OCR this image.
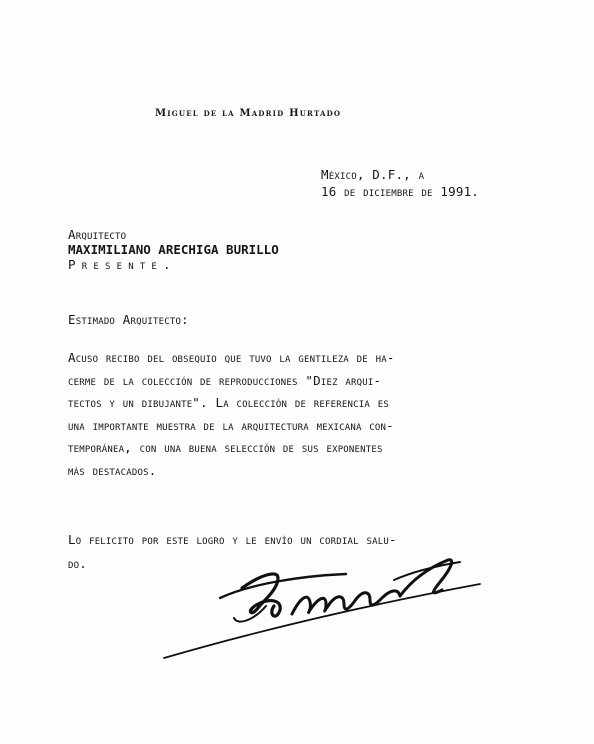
Miguel de la Madrid Hurtado
México, D.F., a
16 de diciembre de 1991.
Arquitecto
MAXIMILIANO ARECHIGA BURILLO
Presente.
Estimado Arquitecto:
Acuso recibo del obsequio que tuvo la gentileza de ha-
cerme de la colección de reproducciones "Diez arqui-
tectos y un dibujante". La colección de referencia es
una importante muestra de la arquitectura mexicana con-
temporánea, con una buena selección de sus exponentes
más destacados.
Lo felicito por este logro y le envío un cordial salu-
do.
